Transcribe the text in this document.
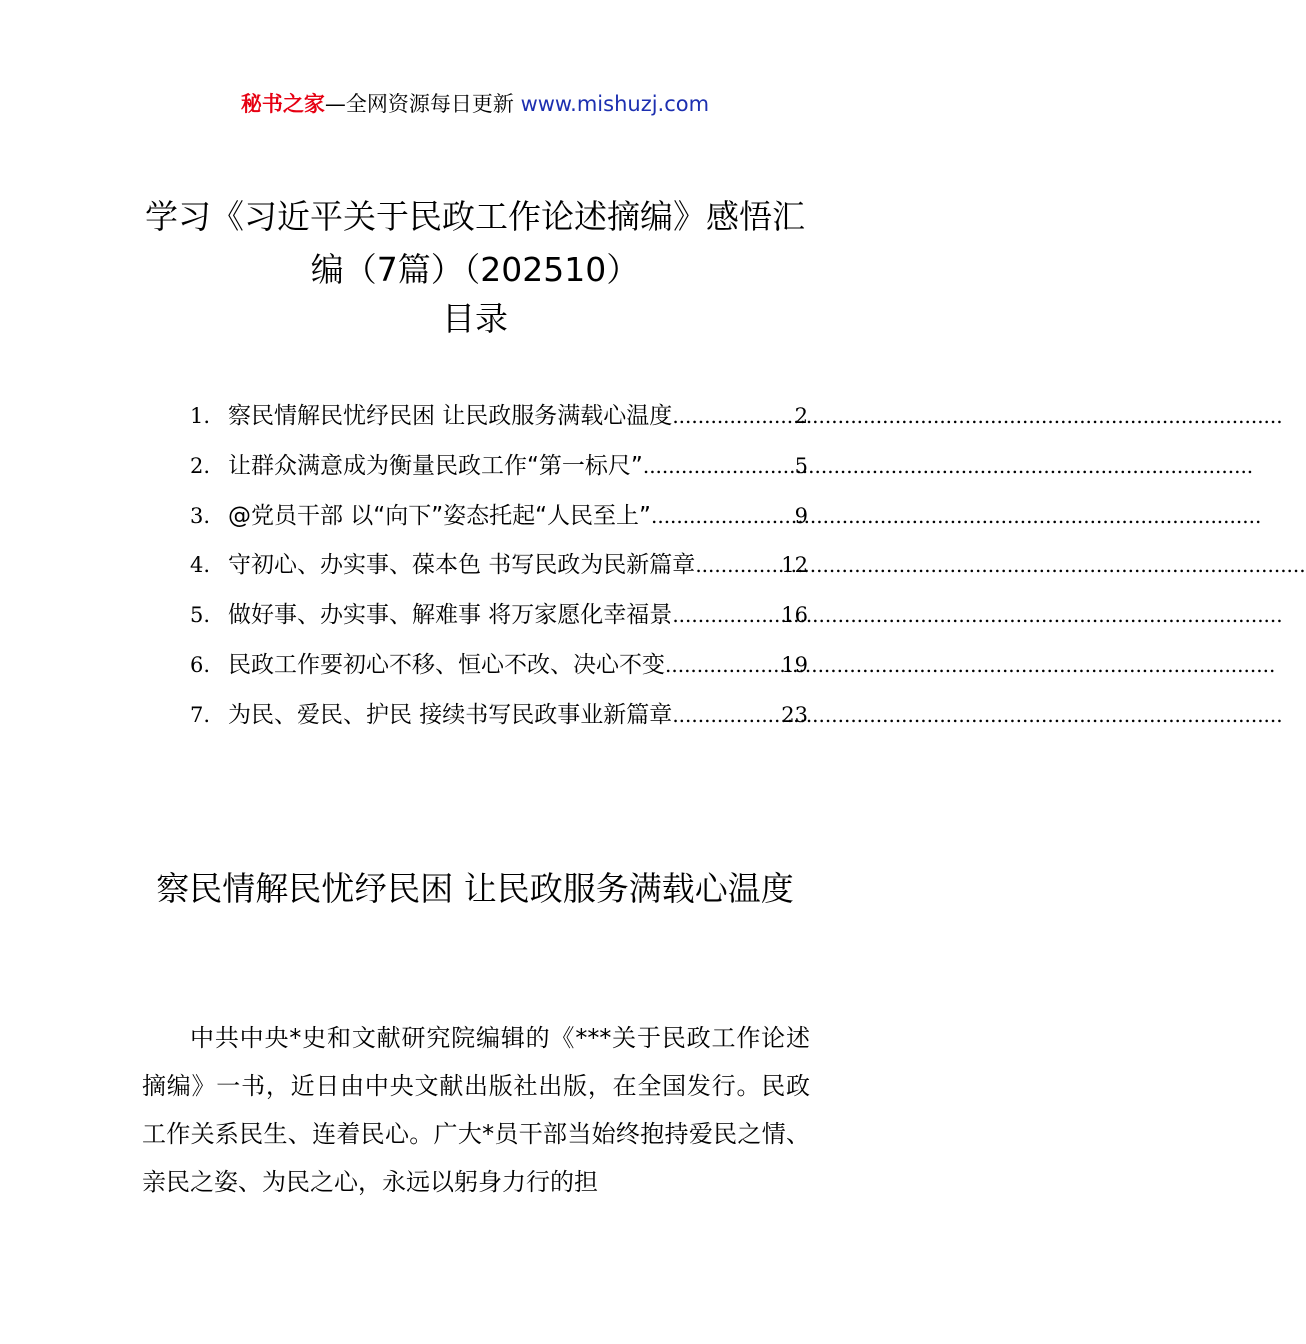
秘书之家—全网资源每日更新 www.mishuzj.com
学习《习近平关于民政工作论述摘编》感悟汇编（7篇）（202510）
目录
1. 察民情解民忧纾民困 让民政服务满载心温度 .....	2
2. 让群众满意成为衡量民政工作“第一标尺” .....	5
3. @党员干部 以“向下”姿态托起“人民至上” .....	9
4. 守初心、办实事、葆本色 书写民政为民新篇章 .....	12
5. 做好事、办实事、解难事 将万家愿化幸福景 .....	16
6. 民政工作要初心不移、恒心不改、决心不变 .....	19
7. 为民、爱民、护民 接续书写民政事业新篇章 .....	23
察民情解民忧纾民困 让民政服务满载心温度

中共中央*史和文献研究院编辑的《***关于民政工作论述摘编》一书，近日由中央文献出版社出版，在全国发行。民政工作关系民生、连着民心。广大*员干部当始终抱持爱民之情、亲民之姿、为民之心，永远以躬身力行的担
